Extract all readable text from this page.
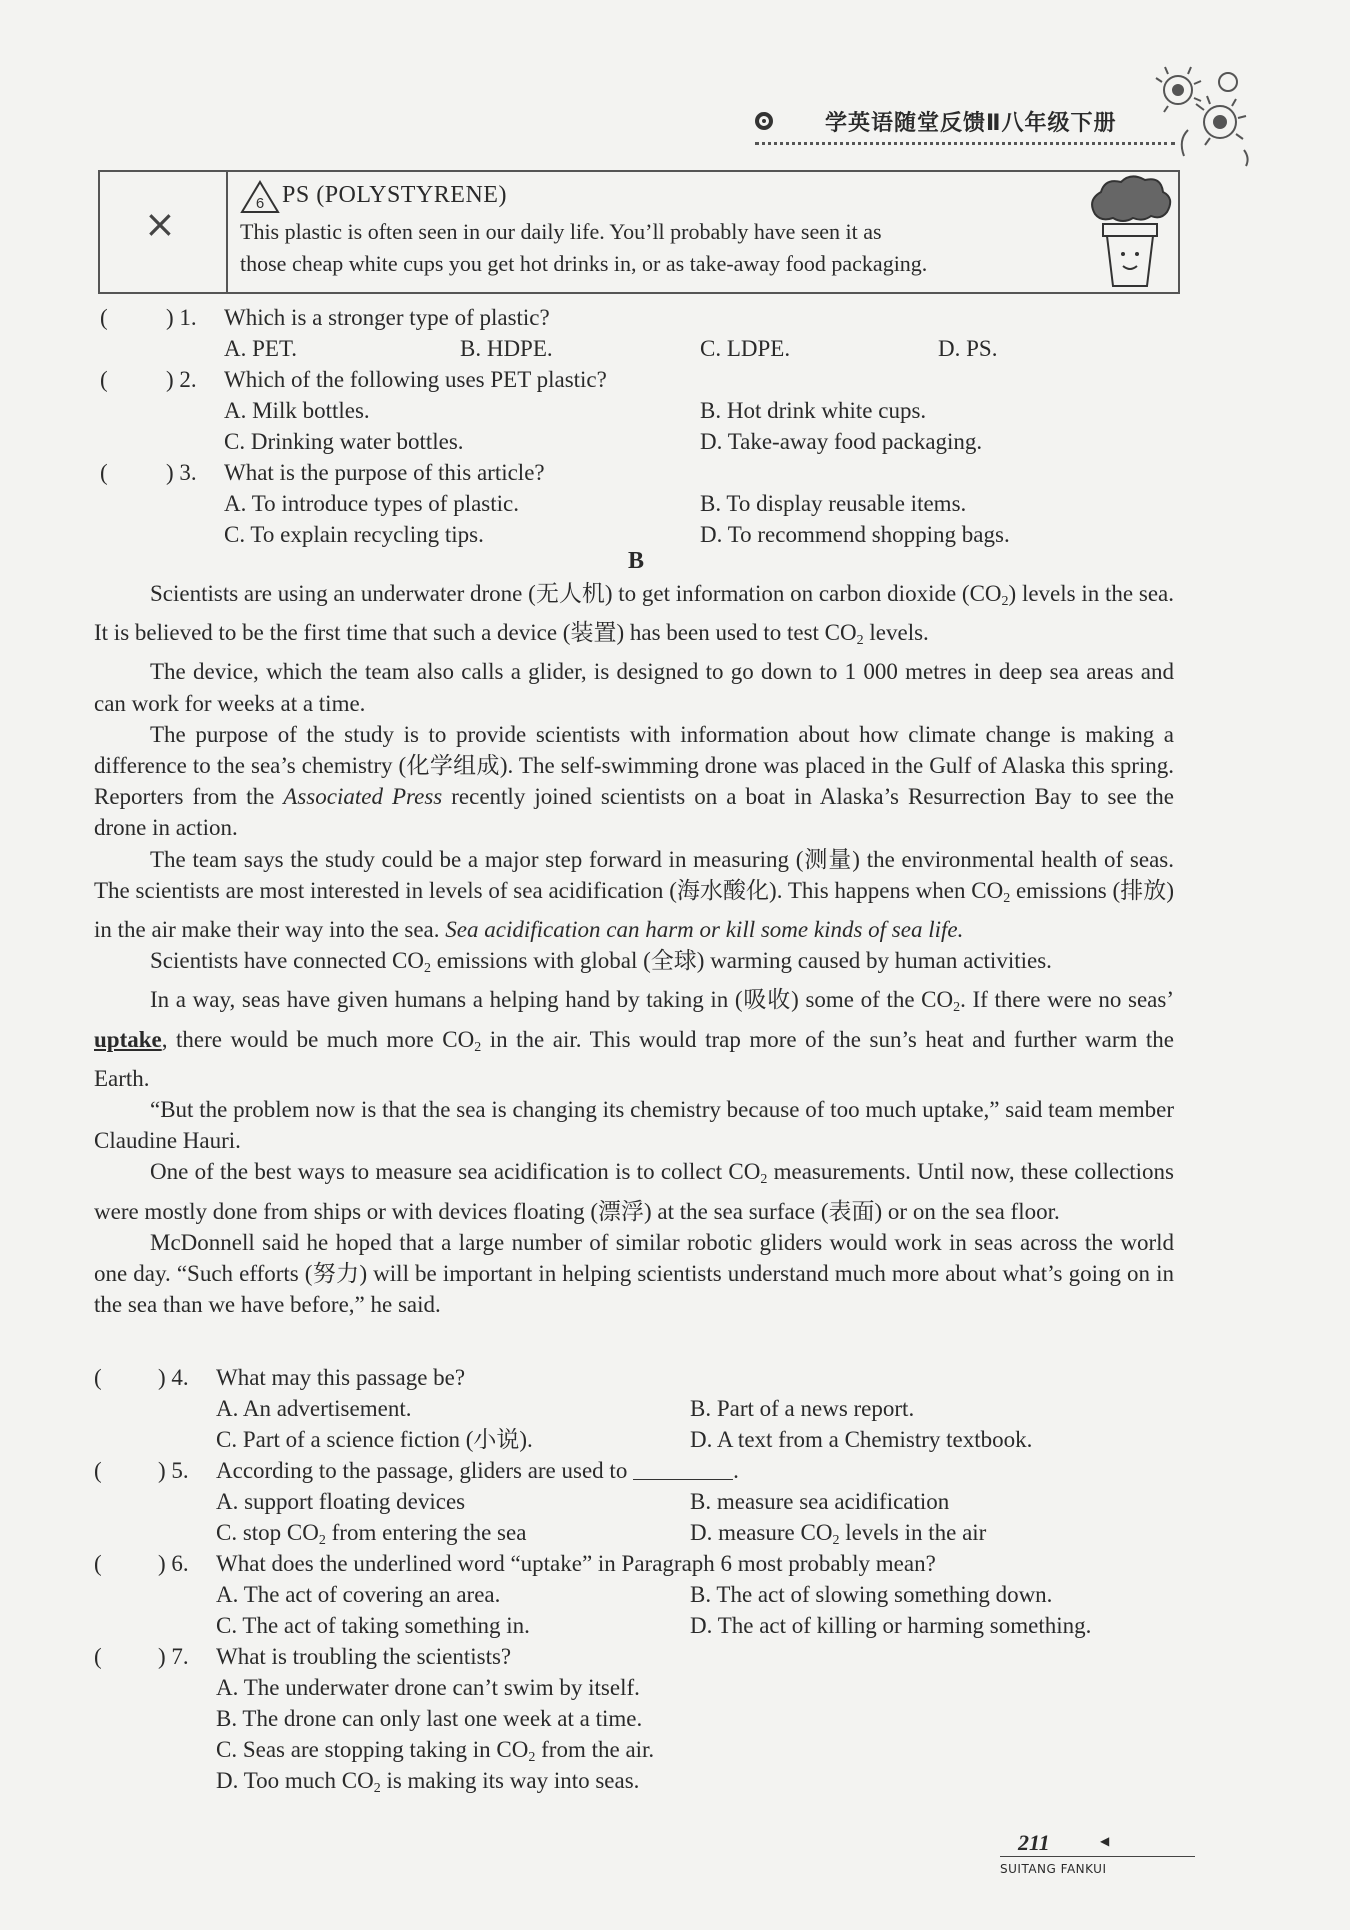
学英语随堂反馈Ⅱ八年级下册
×	6 PS (POLYSTYRENE)
This plastic is often seen in our daily life. You’ll probably have seen it as
those cheap white cups you get hot drinks in, or as take-away food packaging.
(	) 1. Which is a stronger type of plastic?
A. PET.	B. HDPE.	C. LDPE.	D. PS.
(	) 2. Which of the following uses PET plastic?
A. Milk bottles.	B. Hot drink white cups.
C. Drinking water bottles.	D. Take-away food packaging.
(	) 3. What is the purpose of this article?
A. To introduce types of plastic.	B. To display reusable items.
C. To explain recycling tips.	D. To recommend shopping bags.
B

Scientists are using an underwater drone (无人机) to get information on carbon dioxide $(CO_2)$ levels in the sea. It is believed to be the first time that such a device (装置) has been used to test $CO_2$ levels.

The device, which the team also calls a glider, is designed to go down to 1 000 metres in deep sea areas and can work for weeks at a time.

The purpose of the study is to provide scientists with information about how climate change is making a difference to the sea’s chemistry (化学组成). The self-swimming drone was placed in the Gulf of Alaska this spring. Reporters from the Associated Press recently joined scientists on a boat in Alaska’s Resurrection Bay to see the drone in action.

The team says the study could be a major step forward in measuring (测量) the environmental health of seas. The scientists are most interested in levels of sea acidification (海水酸化). This happens when $CO_2$ emissions (排放) in the air make their way into the sea. Sea acidification can harm or kill some kinds of sea life.

Scientists have connected $CO_2$ emissions with global (全球) warming caused by human activities.

In a way, seas have given humans a helping hand by taking in (吸收) some of the $CO_2$. If there were no seas’ uptake, there would be much more $CO_2$ in the air. This would trap more of the sun’s heat and further warm the Earth.

“But the problem now is that the sea is changing its chemistry because of too much uptake,” said team member Claudine Hauri.

One of the best ways to measure sea acidification is to collect $CO_2$ measurements. Until now, these collections were mostly done from ships or with devices floating (漂浮) at the sea surface (表面) or on the sea floor.

McDonnell said he hoped that a large number of similar robotic gliders would work in seas across the world one day. “Such efforts (努力) will be important in helping scientists understand much more about what’s going on in the sea than we have before,” he said.

( ) 4. What may this passage be?
A. An advertisement.	B. Part of a news report.
C. Part of a science fiction (小说).	D. A text from a Chemistry textbook.
( ) 5. According to the passage, gliders are used to	.
A. support floating devices	B. measure sea acidification
C. stop $CO_2$ from entering the sea	D. measure $CO_2$ levels in the air
( ) 6. What does the underlined word “uptake” in Paragraph 6 most probably mean?
A. The act of covering an area.	B. The act of slowing something down.
C. The act of taking something in.	D. The act of killing or harming something.
( ) 7. What is troubling the scientists?
A. The underwater drone can’t swim by itself.
B. The drone can only last one week at a time.
C. Seas are stopping taking in $CO_2$ from the air.
D. Too much $CO_2$ is making its way into seas.
211	◀
SUITANG FANKUI
